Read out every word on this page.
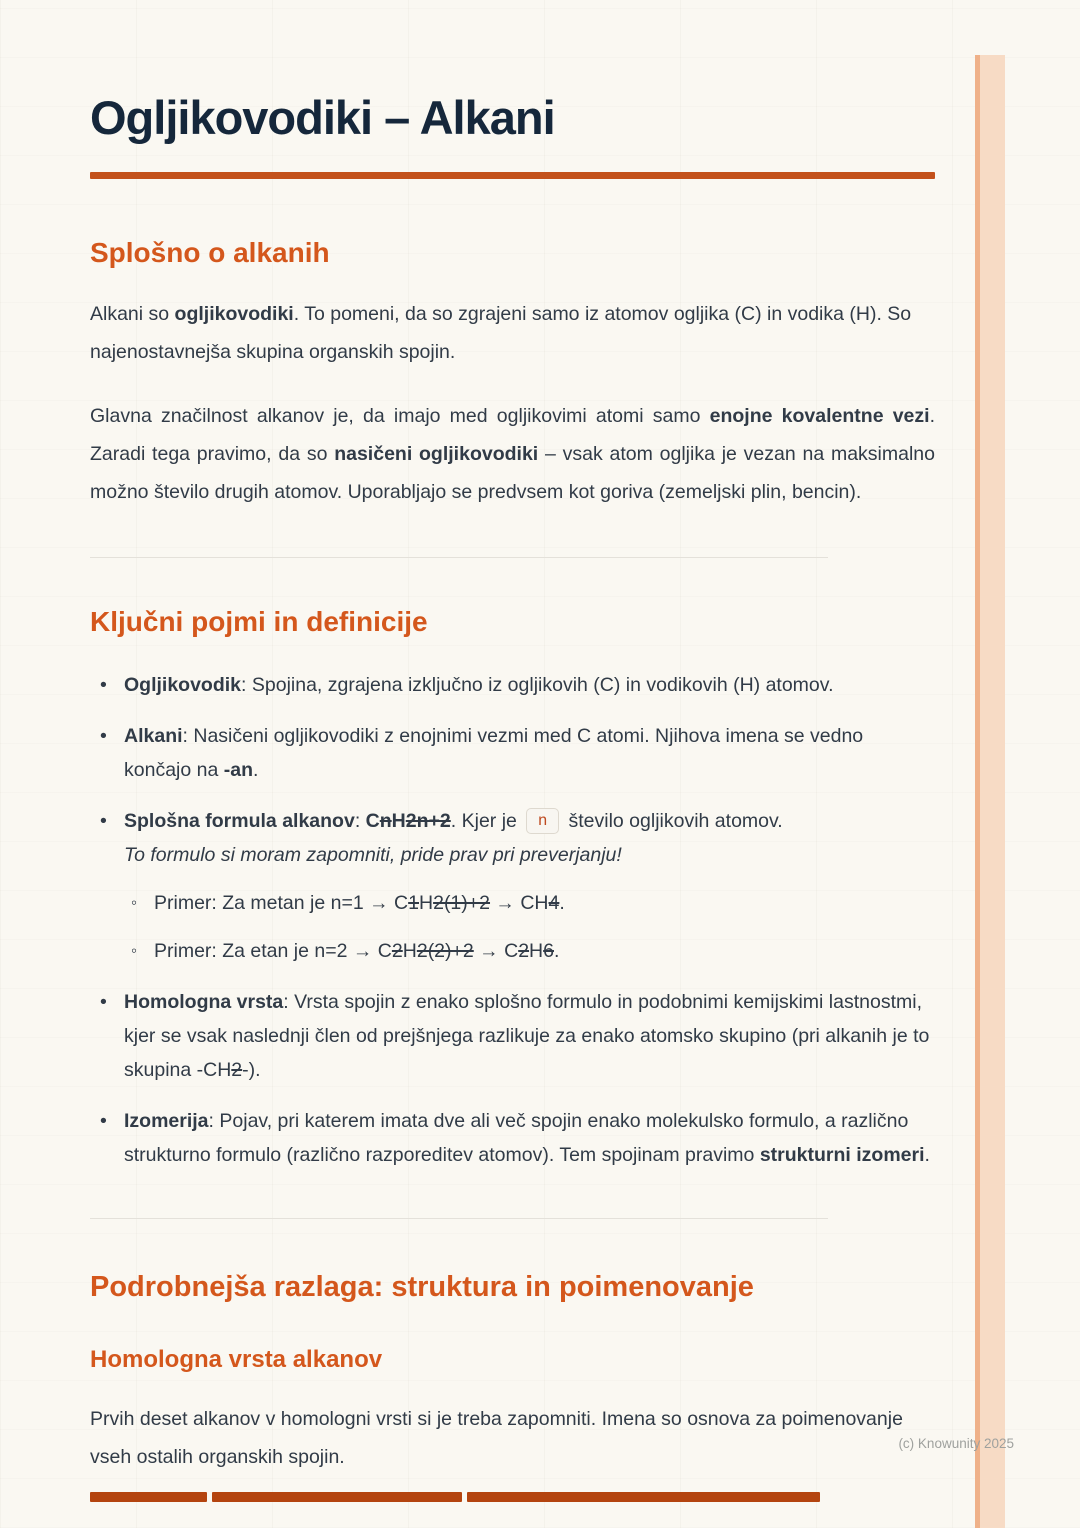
Ogljikovodiki – Alkani
Splošno o alkanih

Alkani so ogljikovodiki. To pomeni, da so zgrajeni samo iz atomov ogljika (C) in vodika (H). So najenostavnejša skupina organskih spojin.

Glavna značilnost alkanov je, da imajo med ogljikovimi atomi samo enojne kovalentne vezi. Zaradi tega pravimo, da so nasičeni ogljikovodiki – vsak atom ogljika je vezan na maksimalno možno število drugih atomov. Uporabljajo se predvsem kot goriva (zemeljski plin, bencin).

Ključni pojmi in definicije
• Ogljikovodik: Spojina, zgrajena izključno iz ogljikovih (C) in vodikovih (H) atomov.
• Alkani: Nasičeni ogljikovodiki z enojnimi vezmi med C atomi. Njihova imena se vedno končajo na -an.
• Splošna formula alkanov: CnH2n+2. Kjer je n število ogljikovih atomov.
To formulo si moram zapomniti, pride prav pri preverjanju!
◦ Primer: Za metan je n=1 → C1H2(1)+2 → CH4.
◦ Primer: Za etan je n=2 → C2H2(2)+2 → C2H6.
• Homologna vrsta: Vrsta spojin z enako splošno formulo in podobnimi kemijskimi lastnostmi, kjer se vsak naslednji člen od prejšnjega razlikuje za enako atomsko skupino (pri alkanih je to skupina -CH2-).
• Izomerija: Pojav, pri katerem imata dve ali več spojin enako molekulsko formulo, a različno strukturno formulo (različno razporeditev atomov). Tem spojinam pravimo strukturni izomeri.
Podrobnejša razlaga: struktura in poimenovanje
Homologna vrsta alkanov

Prvih deset alkanov v homologni vrsti si je treba zapomniti. Imena so osnova za poimenovanje vseh ostalih organskih spojin.

(c) Knowunity 2025
